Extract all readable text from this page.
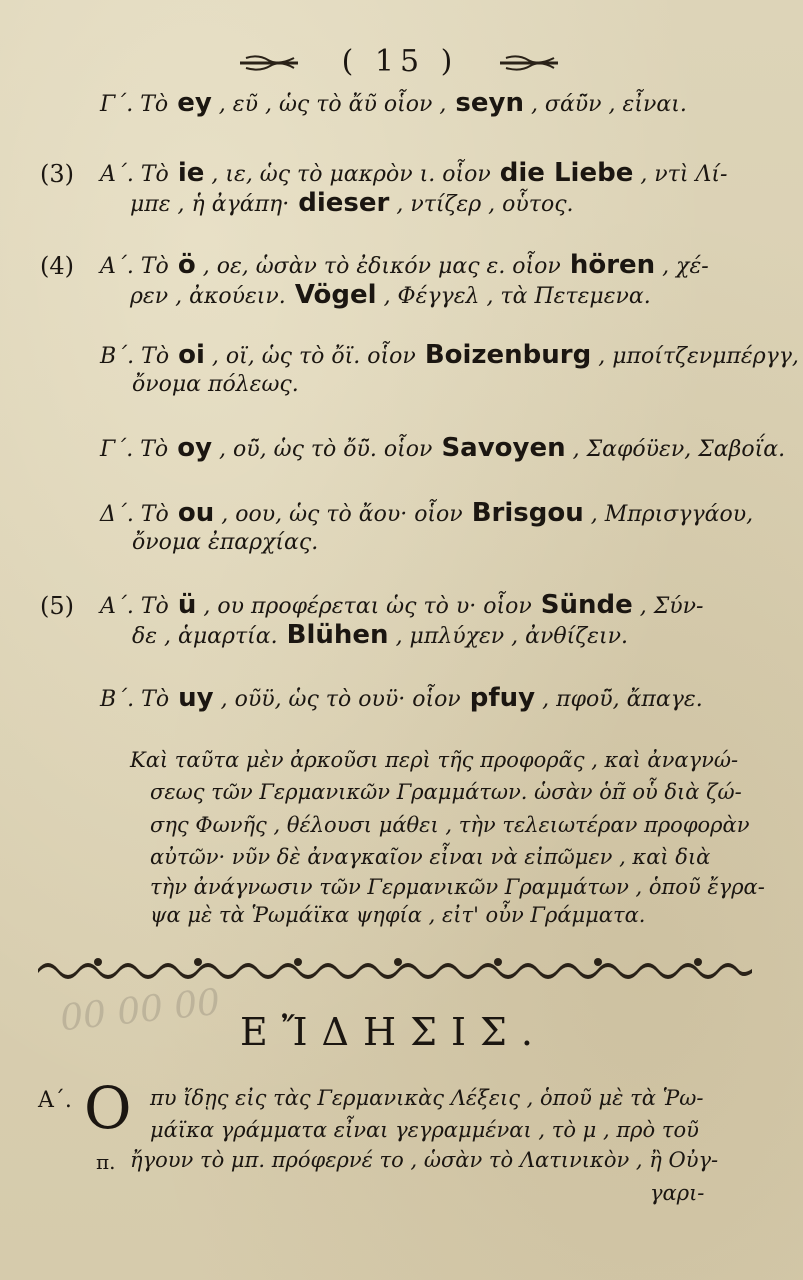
( 15 )
Γ΄. Τὸ ey , ευ̃ , ὡς τὸ ἄυ̃ οἷον , seyn , σάϋ̃ν , εἶναι.
Α΄. Τὸ ie , ιε, ὡς τὸ μακρὸν ι. οἷον die Liebe , ντὶ Λί-
(3)
μπε , ἡ ἀγάπη· dieser , ντίζερ , οὗτος.
Α΄. Τὸ ö , οε, ὡσὰν τὸ ἐδικόν μας ε. οἷον hören , χέ-
(4)
ρεν , ἀκούειν. Vögel , Φέγγελ , τὰ Πετεμενα.
Β΄. Τὸ oi , οϊ, ὡς τὸ ὄϊ. οἷον Boizenburg , μποίτζενμπέργγ,
ὄνομα πόλεως.
Γ΄. Τὸ oy , οϋ̃, ὡς τὸ ὄϋ̃. οἷον Savoyen , Σαφόϋεν, Σαβοΐα.
Δ΄. Τὸ ou , οου, ὡς τὸ ἄου· οἷον Brisgou , Μπρισγγάου,
ὄνομα ἐπαρχίας.
Α΄. Τὸ ü , ου προφέρεται ὡς τὸ υ· οἷον Sünde , Σύν-
(5)
δε , ἁμαρτία. Blühen , μπλύχεν , ἀνθίζειν.
Β΄. Τὸ uy , ου̃ϋ, ὡς τὸ ουϋ· οἷον pfuy , πφοϋ̃, ἄπαγε.
Καὶ ταῦτα μὲν ἀρκοῦσι περὶ τῆς προφορᾶς , καὶ ἀναγνώ-
σεως τῶν Γερμανικῶν Γραμμάτων. ὡσὰν ὁπ̃ οὗ διὰ ζώ-
σης Φωνῆς , θέλουσι μάθει , τὴν τελειωτέραν προφορὰν
αὐτῶν· νῦν δὲ ἀναγκαῖον εἶναι νὰ εἰπῶμεν , καὶ διὰ
τὴν ἀνάγνωσιν τῶν Γερμανικῶν Γραμμάτων , ὁποῦ ἔγρα-
ψα μὲ τὰ Ῥωμάϊκα ψηφία , εἰτ' οὖν Γράμματα.
00 00 00 ΕἼΔΗΣΙΣ.
Α΄.
π.
Ο πυ ἴδῃς εἰς τὰς Γερμανικὰς Λέξεις , ὁποῦ μὲ τὰ Ῥω-
μάϊκα γράμματα εἶναι γεγραμμέναι , τὸ μ , πρὸ τοῦ
ἤγουν τὸ μπ. πρόφερνέ το , ὡσὰν τὸ Λατινικὸν , ἢ Οὐγ-
γαρι-
